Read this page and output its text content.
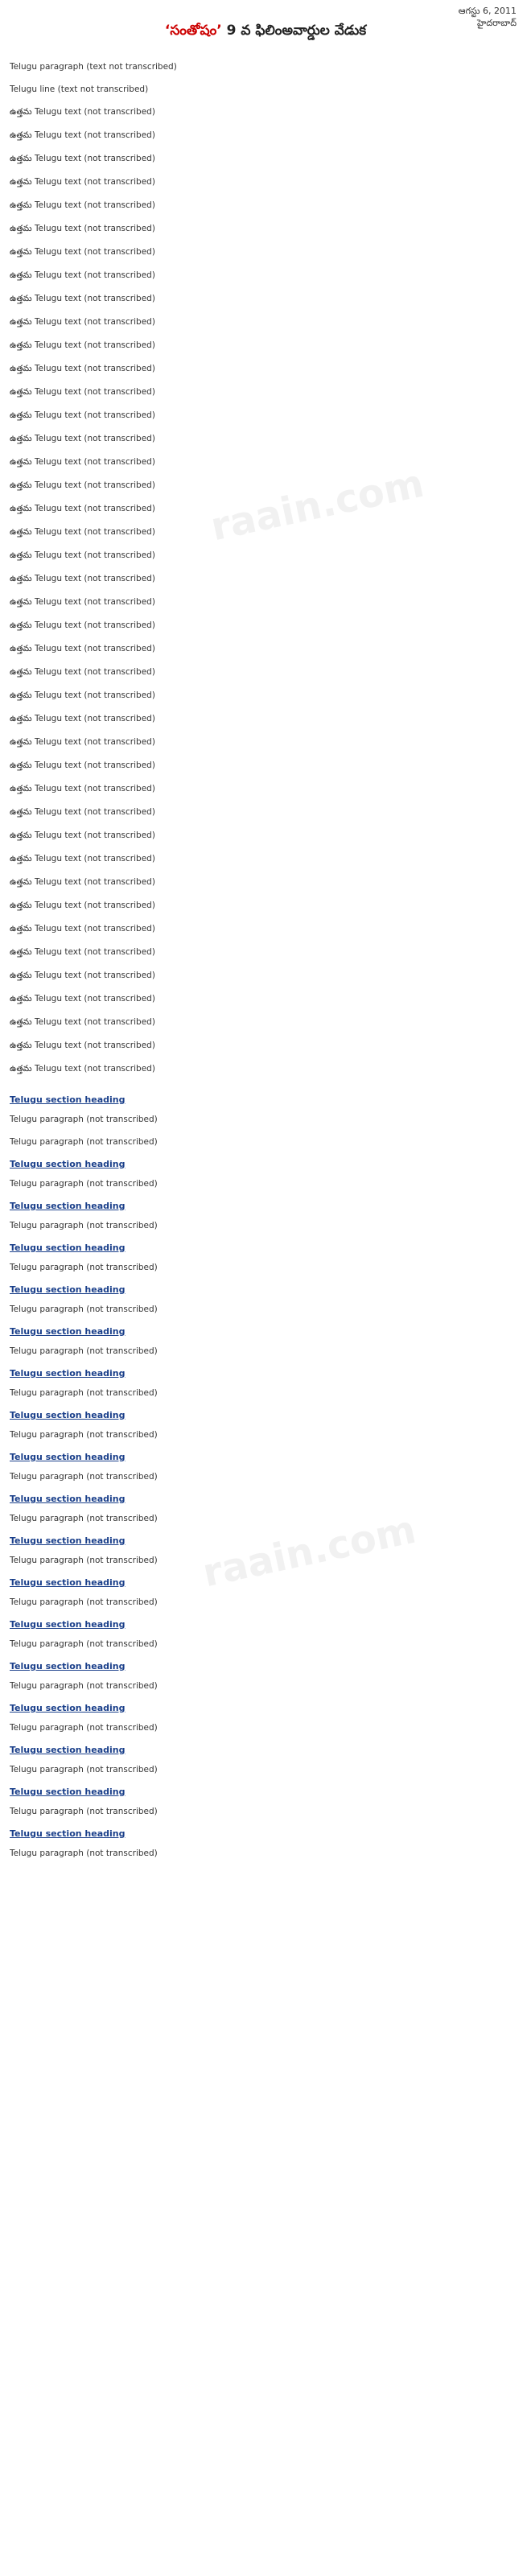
ఆగస్టు 6, 2011
హైదరాబాద్
‘సంతోషం’ 9 వ ఫిలింఅవార్డుల వేడుక
raain.com
raain.com
Telugu paragraph (text not transcribed)
Telugu line (text not transcribed)
ఉత్తమ Telugu text (not transcribed)
ఉత్తమ Telugu text (not transcribed)
ఉత్తమ Telugu text (not transcribed)
ఉత్తమ Telugu text (not transcribed)
ఉత్తమ Telugu text (not transcribed)
ఉత్తమ Telugu text (not transcribed)
ఉత్తమ Telugu text (not transcribed)
ఉత్తమ Telugu text (not transcribed)
ఉత్తమ Telugu text (not transcribed)
ఉత్తమ Telugu text (not transcribed)
ఉత్తమ Telugu text (not transcribed)
ఉత్తమ Telugu text (not transcribed)
ఉత్తమ Telugu text (not transcribed)
ఉత్తమ Telugu text (not transcribed)
ఉత్తమ Telugu text (not transcribed)
ఉత్తమ Telugu text (not transcribed)
ఉత్తమ Telugu text (not transcribed)
ఉత్తమ Telugu text (not transcribed)
ఉత్తమ Telugu text (not transcribed)
ఉత్తమ Telugu text (not transcribed)
ఉత్తమ Telugu text (not transcribed)
ఉత్తమ Telugu text (not transcribed)
ఉత్తమ Telugu text (not transcribed)
ఉత్తమ Telugu text (not transcribed)
ఉత్తమ Telugu text (not transcribed)
ఉత్తమ Telugu text (not transcribed)
ఉత్తమ Telugu text (not transcribed)
ఉత్తమ Telugu text (not transcribed)
ఉత్తమ Telugu text (not transcribed)
ఉత్తమ Telugu text (not transcribed)
ఉత్తమ Telugu text (not transcribed)
ఉత్తమ Telugu text (not transcribed)
ఉత్తమ Telugu text (not transcribed)
ఉత్తమ Telugu text (not transcribed)
ఉత్తమ Telugu text (not transcribed)
ఉత్తమ Telugu text (not transcribed)
ఉత్తమ Telugu text (not transcribed)
ఉత్తమ Telugu text (not transcribed)
ఉత్తమ Telugu text (not transcribed)
ఉత్తమ Telugu text (not transcribed)
ఉత్తమ Telugu text (not transcribed)
ఉత్తమ Telugu text (not transcribed)
Telugu section heading
Telugu paragraph (not transcribed)
Telugu paragraph (not transcribed)
Telugu section heading
Telugu paragraph (not transcribed)
Telugu section heading
Telugu paragraph (not transcribed)
Telugu section heading
Telugu paragraph (not transcribed)
Telugu section heading
Telugu paragraph (not transcribed)
Telugu section heading
Telugu paragraph (not transcribed)
Telugu section heading
Telugu paragraph (not transcribed)
Telugu section heading
Telugu paragraph (not transcribed)
Telugu section heading
Telugu paragraph (not transcribed)
Telugu section heading
Telugu paragraph (not transcribed)
Telugu section heading
Telugu paragraph (not transcribed)
Telugu section heading
Telugu paragraph (not transcribed)
Telugu section heading
Telugu paragraph (not transcribed)
Telugu section heading
Telugu paragraph (not transcribed)
Telugu section heading
Telugu paragraph (not transcribed)
Telugu section heading
Telugu paragraph (not transcribed)
Telugu section heading
Telugu paragraph (not transcribed)
Telugu section heading
Telugu paragraph (not transcribed)
